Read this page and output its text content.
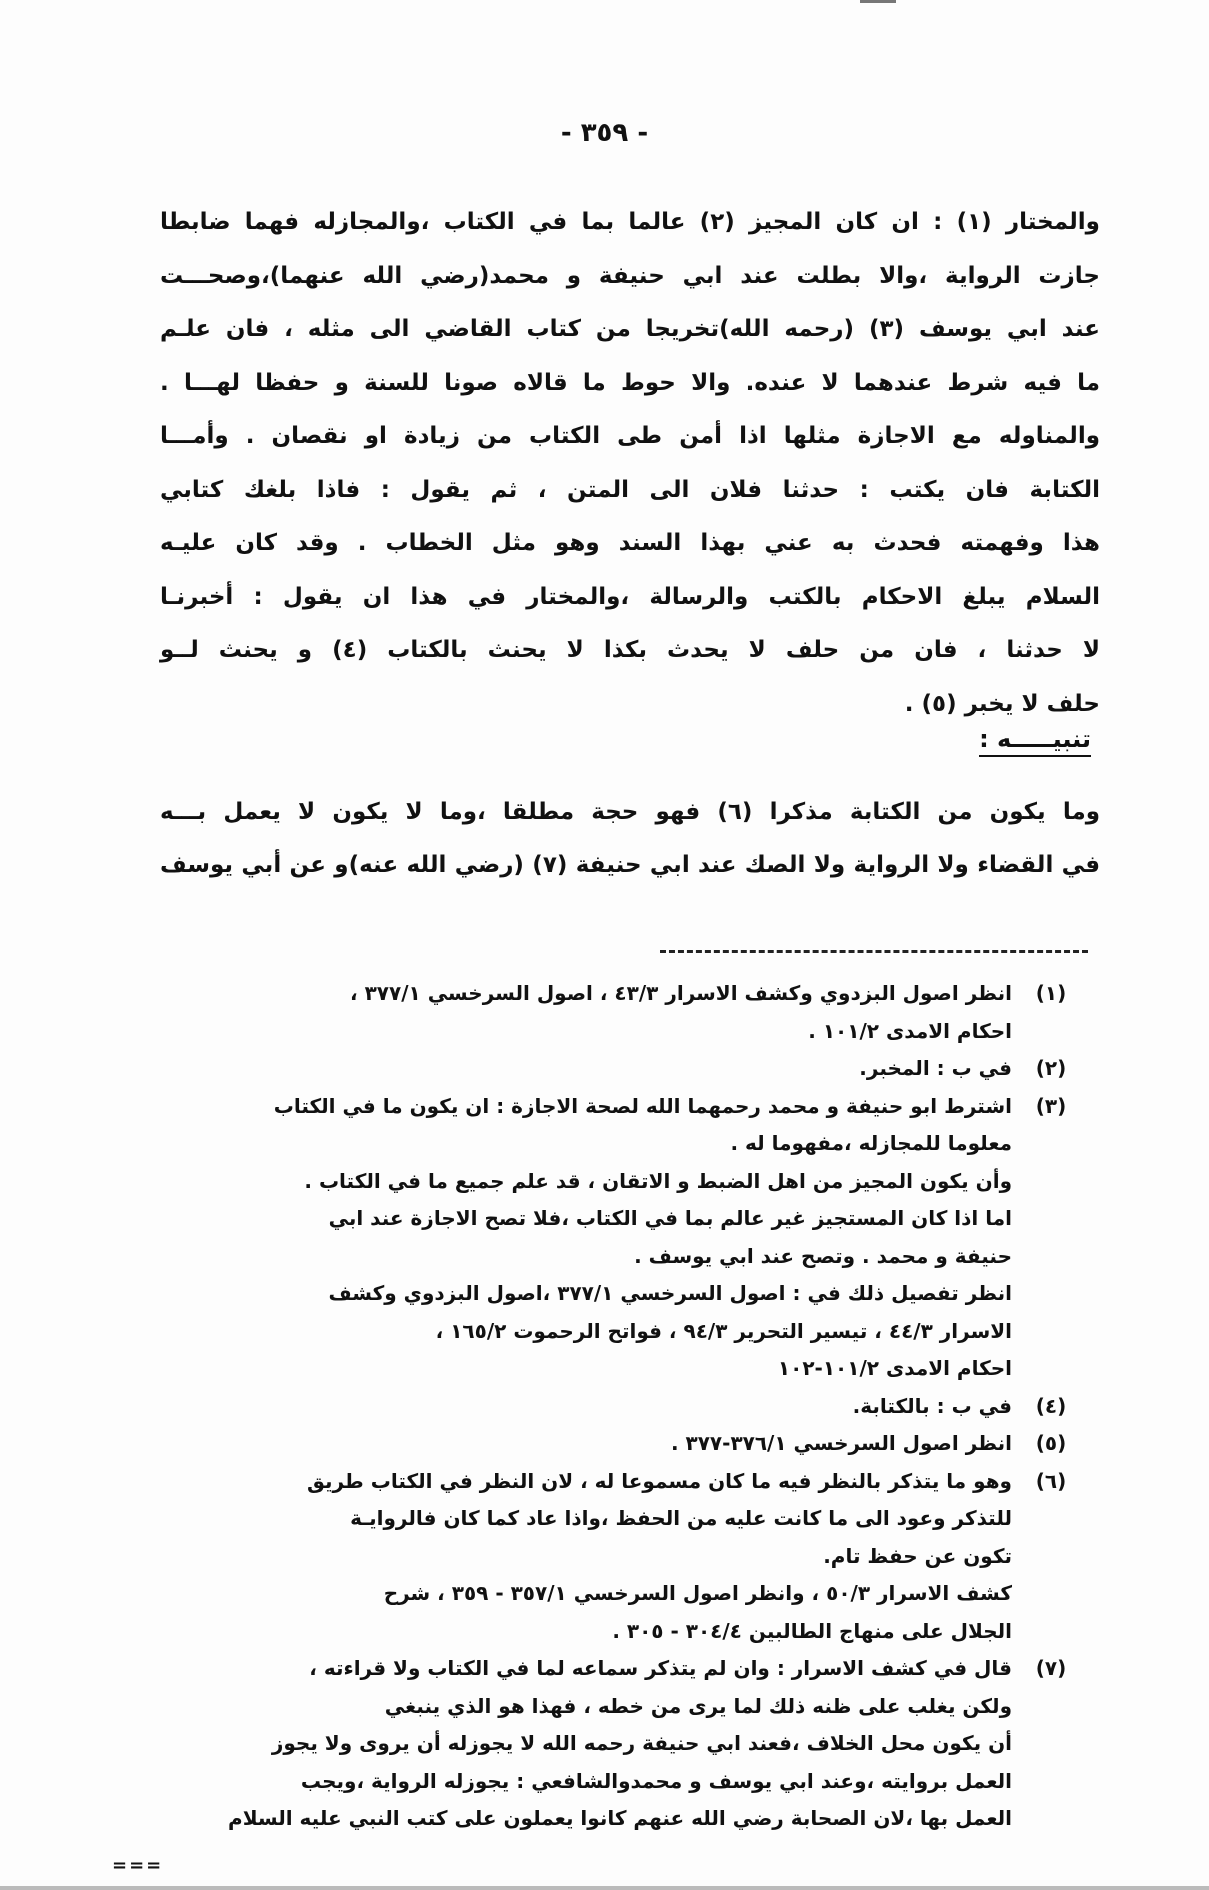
- ٣٥٩ -
والمختار (١) : ان كان المجيز (٢) عالما بما في الكتاب ،والمجازله فهما ضابطا
جازت الرواية ،والا بطلت عند ابي حنيفة و محمد(رضي الله عنهما)،وصحـــت
عند ابي يوسف (٣) (رحمه الله)تخريجا من كتاب القاضي الى مثله ، فان علـم
ما فيه شرط عندهما لا عنده. والا حوط ما قالاه صونا للسنة و حفظا لهـــا .
والمناوله مع الاجازة مثلها اذا أمن طى الكتاب من زيادة او نقصان . وأمـــا
الكتابة فان يكتب : حدثنا فلان الى المتن ، ثم يقول : فاذا بلغك كتابي
هذا وفهمته فحدث به عني بهذا السند وهو مثل الخطاب . وقد كان عليـه
السلام يبلغ الاحكام بالكتب والرسالة ،والمختار في هذا ان يقول : أخبرنـا
لا حدثنا ، فان من حلف لا يحدث بكذا لا يحنث بالكتاب (٤) و يحنث لــو
حلف لا يخبر (٥) .
تنبيـــــه :
وما يكون من الكتابة مذكرا (٦) فهو حجة مطلقا ،وما لا يكون لا يعمل بـــه
في القضاء ولا الرواية ولا الصك عند ابي حنيفة (٧) (رضي الله عنه)و عن أبي يوسف
(١)
انظر اصول البزدوي وكشف الاسرار ٤٣/٣ ، اصول السرخسي ٣٧٧/١ ،
احكام الامدى ١٠١/٢ .
(٢)
في ب : المخبر.
(٣)
اشترط ابو حنيفة و محمد رحمهما الله لصحة الاجازة : ان يكون ما في الكتاب
معلوما للمجازله ،مفهوما له .
وأن يكون المجيز من اهل الضبط و الاتقان ، قد علم جميع ما في الكتاب .
اما اذا كان المستجيز غير عالم بما في الكتاب ،فلا تصح الاجازة عند ابي
حنيفة و محمد . وتصح عند ابي يوسف .
انظر تفصيل ذلك في : اصول السرخسي ٣٧٧/١ ،اصول البزدوي وكشف
الاسرار ٤٤/٣ ، تيسير التحرير ٩٤/٣ ، فواتح الرحموت ١٦٥/٢ ،
احكام الامدى ١٠١/٢-١٠٢
(٤)
في ب : بالكتابة.
(٥)
انظر اصول السرخسي ٣٧٦/١-٣٧٧ .
(٦)
وهو ما يتذكر بالنظر فيه ما كان مسموعا له ، لان النظر في الكتاب طريق
للتذكر وعود الى ما كانت عليه من الحفظ ،واذا عاد كما كان فالروايـة
تكون عن حفظ تام.
كشف الاسرار ٥٠/٣ ، وانظر اصول السرخسي ٣٥٧/١ - ٣٥٩ ، شرح
الجلال على منهاج الطالبين ٣٠٤/٤ - ٣٠٥ .
(٧)
قال في كشف الاسرار : وان لم يتذكر سماعه لما في الكتاب ولا قراءته ،
ولكن يغلب على ظنه ذلك لما يرى من خطه ، فهذا هو الذي ينبغي
أن يكون محل الخلاف ،فعند ابي حنيفة رحمه الله لا يجوزله أن يروى ولا يجوز
العمل بروايته ،وعند ابي يوسف و محمدوالشافعي : يجوزله الرواية ،ويجب
العمل بها ،لان الصحابة رضي الله عنهم كانوا يعملون على كتب النبي عليه السلام
===
